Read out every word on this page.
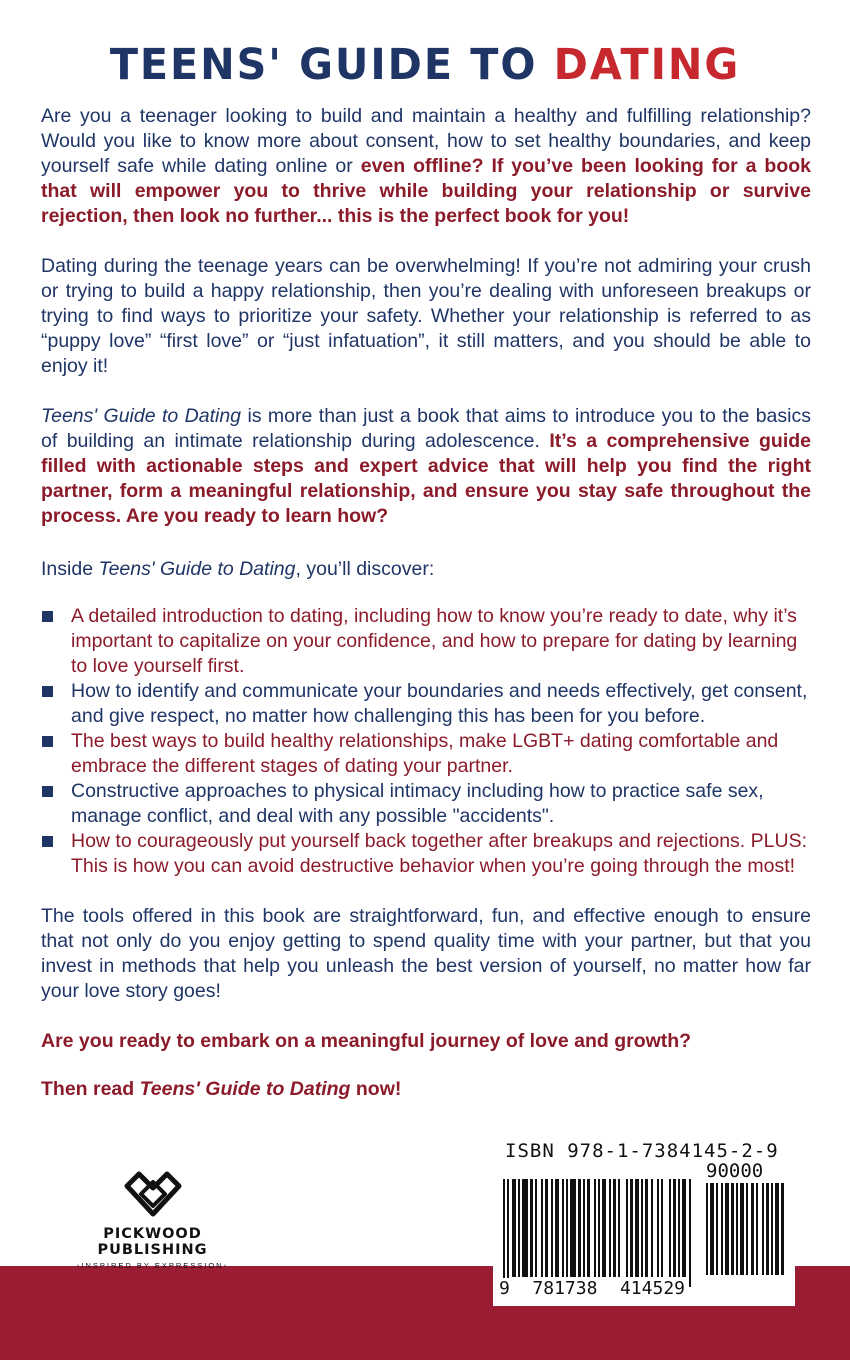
TEENS' GUIDE TO DATING

Are you a teenager looking to build and maintain a healthy and fulfilling relationship? Would you like to know more about consent, how to set healthy boundaries, and keep yourself safe while dating online or even offline? If you’ve been looking for a book that will empower you to thrive while building your relationship or survive rejection, then look no further... this is the perfect book for you!

Dating during the teenage years can be overwhelming! If you’re not admiring your crush or trying to build a happy relationship, then you’re dealing with unforeseen breakups or trying to find ways to prioritize your safety. Whether your relationship is referred to as “puppy love” “first love” or “just infatuation”, it still matters, and you should be able to enjoy it!

Teens' Guide to Dating is more than just a book that aims to introduce you to the basics of building an intimate relationship during adolescence. It’s a comprehensive guide filled with actionable steps and expert advice that will help you find the right partner, form a meaningful relationship, and ensure you stay safe throughout the process. Are you ready to learn how?

Inside Teens' Guide to Dating, you’ll discover:

A detailed introduction to dating, including how to know you’re ready to date, why it’s important to capitalize on your confidence, and how to prepare for dating by learning to love yourself first.
How to identify and communicate your boundaries and needs effectively, get consent, and give respect, no matter how challenging this has been for you before.
The best ways to build healthy relationships, make LGBT+ dating comfortable and embrace the different stages of dating your partner.
Constructive approaches to physical intimacy including how to practice safe sex, manage conflict, and deal with any possible "accidents".
How to courageously put yourself back together after breakups and rejections. PLUS: This is how you can avoid destructive behavior when you’re going through the most!

The tools offered in this book are straightforward, fun, and effective enough to ensure that not only do you enjoy getting to spend quality time with your partner, but that you invest in methods that help you unleash the best version of yourself, no matter how far your love story goes!

Are you ready to embark on a meaningful journey of love and growth?

Then read Teens' Guide to Dating now!

PICKWOOD PUBLISHING
›INSPIRED BY EXPRESSION‹
ISBN 978-1-7384145-2-9
90000
9 781738 414529
